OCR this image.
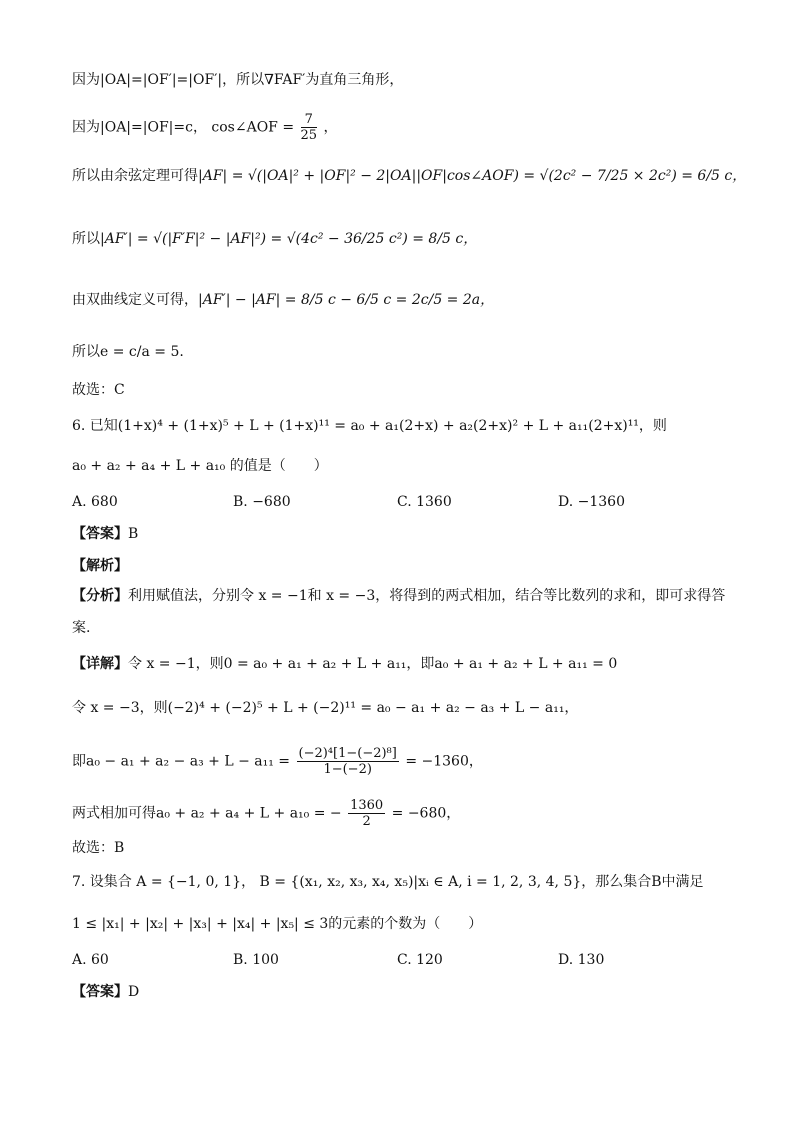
因为|OA|=|OF′|=|OF′|，所以∇FAF′为直角三角形，
因为|OA|=|OF|=c， cos∠AOF = $\frac{7}{25}$ ，
所以由余弦定理可得|AF| = √(|OA|² + |OF|² − 2|OA||OF|cos∠AOF) = √(2c² − 7/25 × 2c²) = 6/5 c，
所以|AF′| = √(|F′F|² − |AF|²) = √(4c² − 36/25 c²) = 8/5 c，
由双曲线定义可得，|AF′| − |AF| = 8/5 c − 6/5 c = 2c/5 = 2a，
所以e = c/a = 5.
故选：C
6. 已知(1+x)⁴ + (1+x)⁵ + L + (1+x)¹¹ = a₀ + a₁(2+x) + a₂(2+x)² + L + a₁₁(2+x)¹¹，则
a₀ + a₂ + a₄ + L + a₁₀ 的值是（　　）
A. 680	B. −680	C. 1360	D. −1360
【答案】B
【解析】
【分析】利用赋值法，分别令 x = −1和 x = −3，将得到的两式相加，结合等比数列的求和，即可求得答
案.
【详解】令 x = −1，则0 = a₀ + a₁ + a₂ + L + a₁₁，即a₀ + a₁ + a₂ + L + a₁₁ = 0
令 x = −3，则(−2)⁴ + (−2)⁵ + L + (−2)¹¹ = a₀ − a₁ + a₂ − a₃ + L − a₁₁，
即$a_0 - a_1 + a_2 - a_3 + L - a_{11} = \frac{\text{(−2)⁴[1−(−2)⁸]}}{1-(-2)} = -1360$，
两式相加可得a₀ + a₂ + a₄ + L + a₁₀ = − $\frac{1360}{2} = -680$，
故选：B
7. 设集合 A = {−1, 0, 1}， B = {(x₁, x₂, x₃, x₄, x₅)|xᵢ ∈ A, i = 1, 2, 3, 4, 5}，那么集合B中满足
1 ≤ |x₁| + |x₂| + |x₃| + |x₄| + |x₅| ≤ 3的元素的个数为（　　）
A. 60	B. 100	C. 120	D. 130
【答案】D
